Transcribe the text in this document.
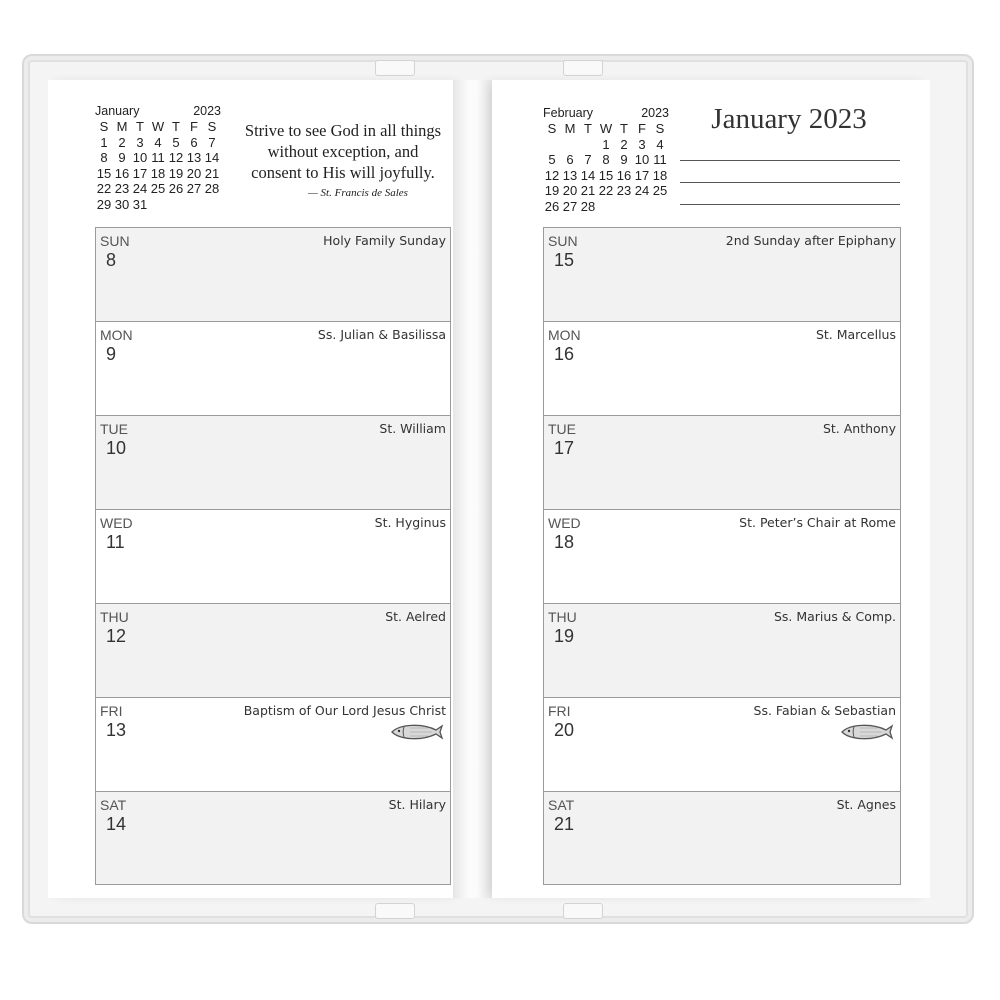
January	2023
S M T W T F S
1 2 3 4 5 6 7
8 9 10 11 12 13 14
15 16 17 18 19 20 21
22 23 24 25 26 27 28
29 30 31
Strive to see God in all things
without exception, and
consent to His will joyfully.
— St. Francis de Sales
February	2023
S M T W T F S
1 2 3 4
5 6 7 8 9 10 11
12 13 14 15 16 17 18
19 20 21 22 23 24 25
26 27 28
January 2023
SUN
8
Holy Family Sunday
MON
9
Ss. Julian & Basilissa
TUE
10
St. William
WED
11
St. Hyginus
THU
12
St. Aelred
FRI
13
Baptism of Our Lord Jesus Christ
SAT
14
St. Hilary
SUN
15
2nd Sunday after Epiphany
MON
16
St. Marcellus
TUE
17
St. Anthony
WED
18
St. Peter’s Chair at Rome
THU
19
Ss. Marius & Comp.
FRI
20
Ss. Fabian & Sebastian
SAT
21
St. Agnes
